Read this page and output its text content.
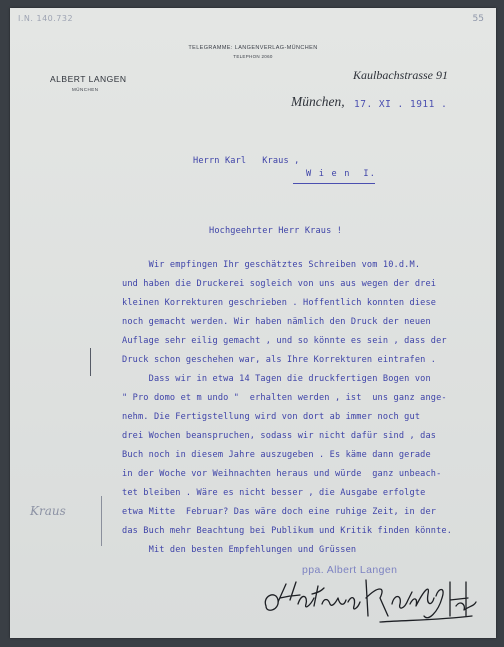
I.N. 140.732	55
TELEGRAMME: LANGENVERLAG-MÜNCHEN
TELEPHON 2060
ALBERT LANGEN
MÜNCHEN
Kaulbachstrasse 91
München, 17. XI . 1911 .
Herrn Karl   Kraus ,
W i e n  I.
Hochgeehrter Herr Kraus !
Wir empfingen Ihr geschätztes Schreiben vom 10.d.M.
und haben die Druckerei sogleich von uns aus wegen der drei
kleinen Korrekturen geschrieben . Hoffentlich konnten diese
noch gemacht werden. Wir haben nämlich den Druck der neuen
Auflage sehr eilig gemacht , und so könnte es sein , dass der
Druck schon geschehen war, als Ihre Korrekturen eintrafen .
Dass wir in etwa 14 Tagen die druckfertigen Bogen von
" Pro domo et m undo "  erhalten werden , ist  uns ganz ange-
nehm. Die Fertigstellung wird von dort ab immer noch gut
drei Wochen beanspruchen, sodass wir nicht dafür sind , das
Buch noch in diesem Jahre auszugeben . Es käme dann gerade
in der Woche vor Weihnachten heraus und würde  ganz unbeach-
tet bleiben . Wäre es nicht besser , die Ausgabe erfolgte
etwa Mitte  Februar? Das wäre doch eine ruhige Zeit, in der
das Buch mehr Beachtung bei Publikum und Kritik finden könnte.
Mit den besten Empfehlungen und Grüssen
Kraus
ppa. Albert Langen
